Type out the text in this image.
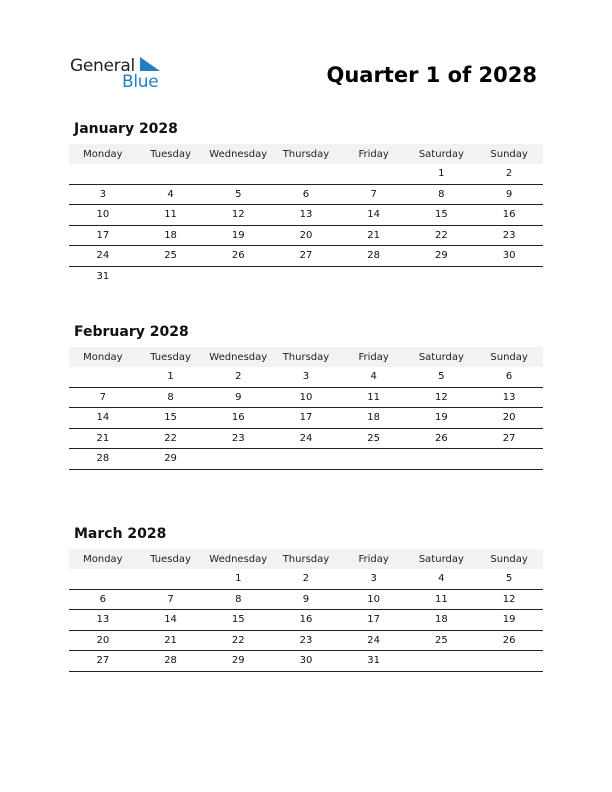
General
Blue	Quarter 1 of 2028
January 2028
Monday	Tuesday	Wednesday	Thursday	Friday	Saturday	Sunday
					1	2
3	4	5	6	7	8	9
10	11	12	13	14	15	16
17	18	19	20	21	22	23
24	25	26	27	28	29	30
31						
February 2028
Monday	Tuesday	Wednesday	Thursday	Friday	Saturday	Sunday
	1	2	3	4	5	6
7	8	9	10	11	12	13
14	15	16	17	18	19	20
21	22	23	24	25	26	27
28	29					
March 2028
Monday	Tuesday	Wednesday	Thursday	Friday	Saturday	Sunday
		1	2	3	4	5
6	7	8	9	10	11	12
13	14	15	16	17	18	19
20	21	22	23	24	25	26
27	28	29	30	31		
